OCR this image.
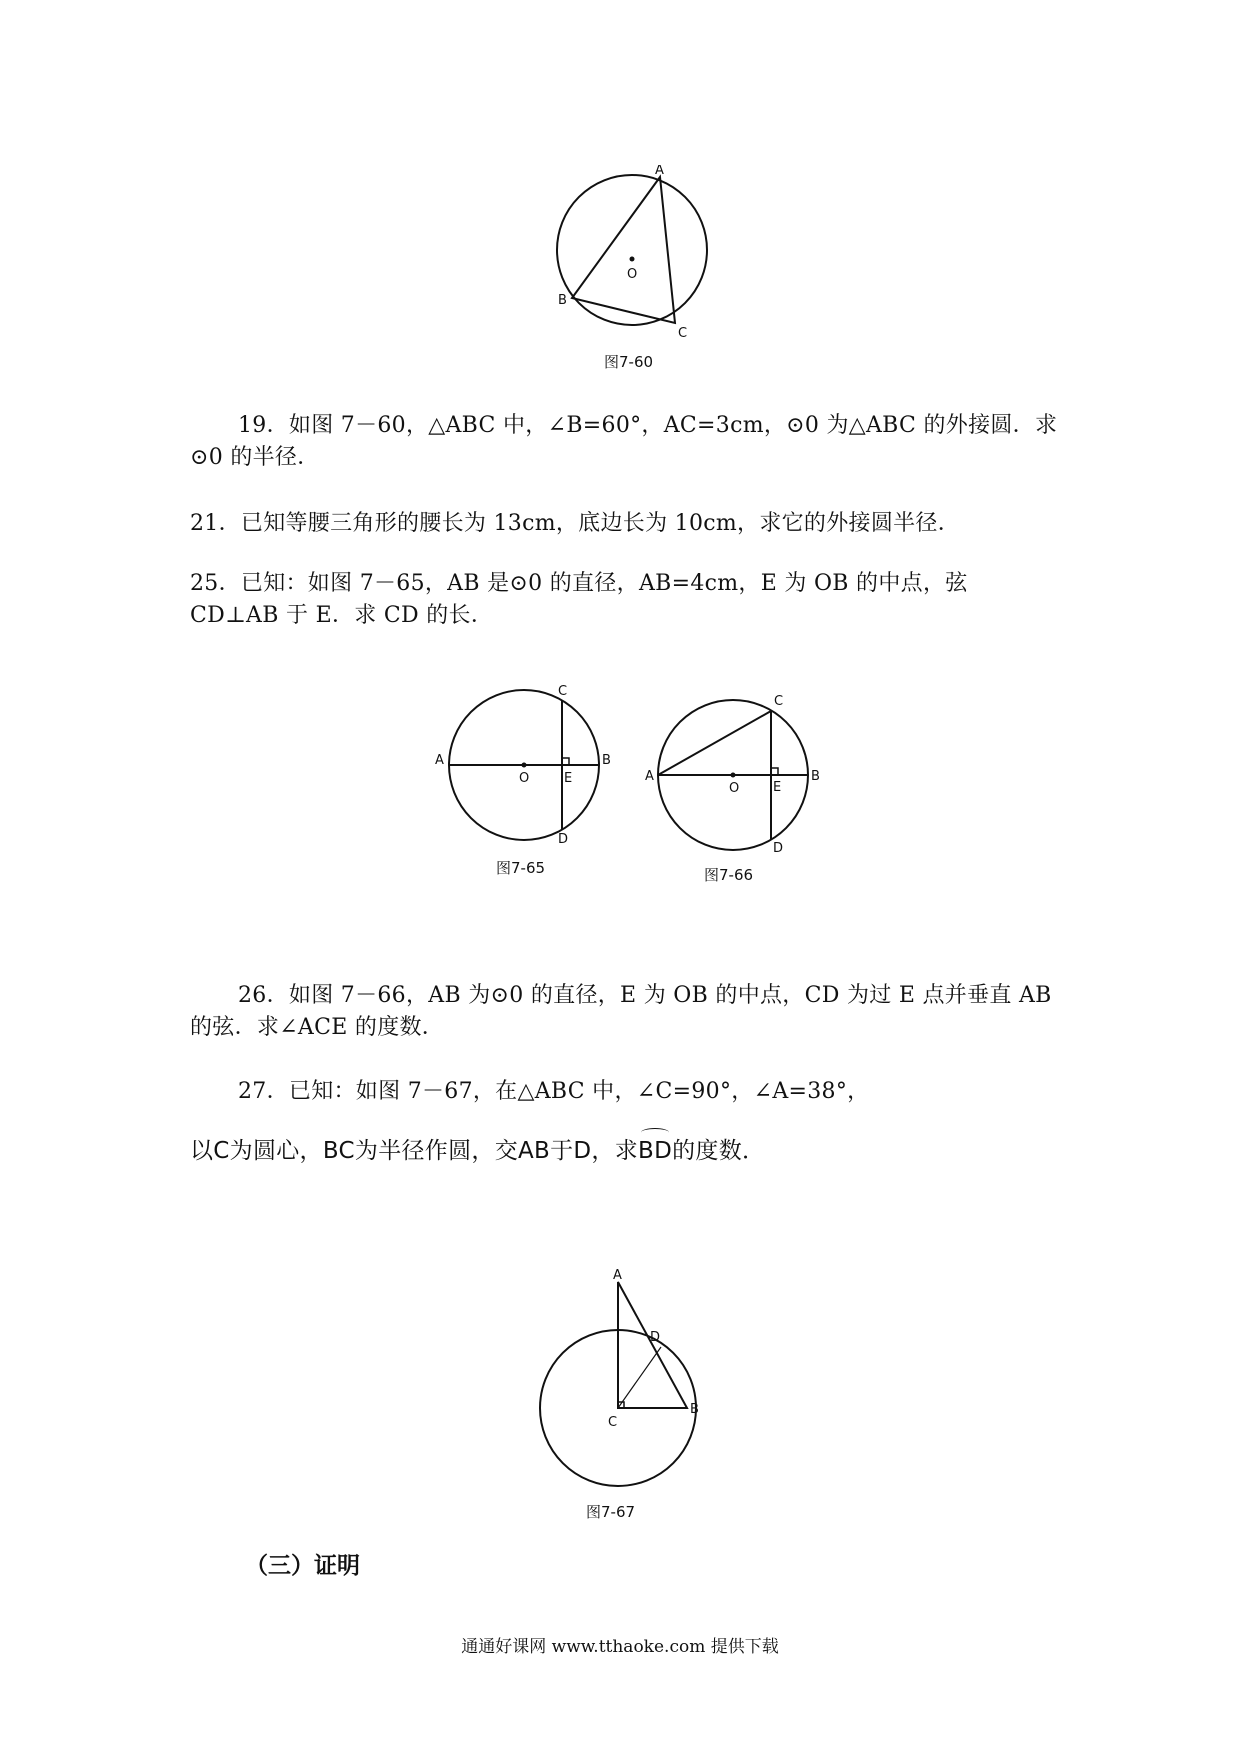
A
O
B
C
图7-60
19．如图 7－60，△ABC 中，∠B=60°，AC=3cm，⊙0 为△ABC 的外接圆．求⊙0 的半径．
21．已知等腰三角形的腰长为 13cm，底边长为 10cm，求它的外接圆半径．
25．已知：如图 7－65，AB 是⊙0 的直径，AB=4cm，E 为 OB 的中点，弦 CD⊥AB 于 E．求 CD 的长．
C
A	B
O	E
D
图7-65
C
A	B
O	E
D
图7-66
26．如图 7－66，AB 为⊙0 的直径，E 为 OB 的中点，CD 为过 E 点并垂直 AB 的弦．求∠ACE 的度数．
27．已知：如图 7－67，在△ABC 中，∠C=90°，∠A=38°，
以C为圆心，BC为半径作圆，交AB于D，求BD的度数．
A
D
B
C
图7-67
（三）证明
通通好课网 www.tthaoke.com 提供下载
